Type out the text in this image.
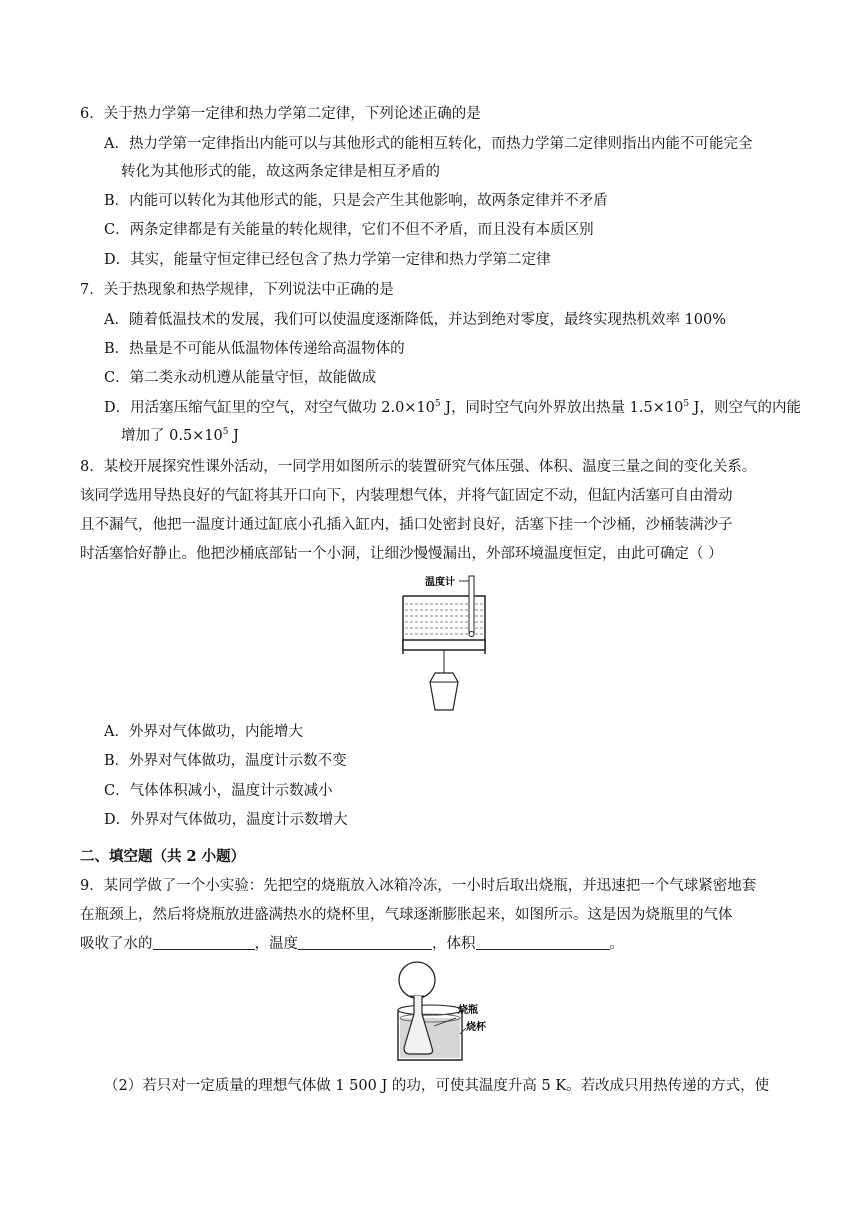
6．关于热力学第一定律和热力学第二定律，下列论述正确的是
A．热力学第一定律指出内能可以与其他形式的能相互转化，而热力学第二定律则指出内能不可能完全
转化为其他形式的能，故这两条定律是相互矛盾的
B．内能可以转化为其他形式的能，只是会产生其他影响，故两条定律并不矛盾
C．两条定律都是有关能量的转化规律，它们不但不矛盾，而且没有本质区别
D．其实，能量守恒定律已经包含了热力学第一定律和热力学第二定律
7．关于热现象和热学规律，下列说法中正确的是
A．随着低温技术的发展，我们可以使温度逐渐降低，并达到绝对零度，最终实现热机效率 100%
B．热量是不可能从低温物体传递给高温物体的
C．第二类永动机遵从能量守恒，故能做成
D．用活塞压缩气缸里的空气，对空气做功 $2.0\times 10^5$ J，同时空气向外界放出热量 $1.5\times 10^5$ J，则空气的内能
增加了 $0.5\times 10^5$ J
8．某校开展探究性课外活动，一同学用如图所示的装置研究气体压强、体积、温度三量之间的变化关系。
该同学选用导热良好的气缸将其开口向下，内装理想气体，并将气缸固定不动，但缸内活塞可自由滑动
且不漏气，他把一温度计通过缸底小孔插入缸内，插口处密封良好，活塞下挂一个沙桶，沙桶装满沙子
时活塞恰好静止。他把沙桶底部钻一个小洞，让细沙慢慢漏出，外部环境温度恒定，由此可确定（ ）
温度计
A．外界对气体做功，内能增大
B．外界对气体做功，温度计示数不变
C．气体体积减小，温度计示数减小
D．外界对气体做功，温度计示数增大
二、填空题（共 2 小题）
9．某同学做了一个小实验：先把空的烧瓶放入冰箱冷冻，一小时后取出烧瓶，并迅速把一个气球紧密地套
在瓶颈上，然后将烧瓶放进盛满热水的烧杯里，气球逐渐膨胀起来，如图所示。这是因为烧瓶里的气体
吸收了水的	，温度	，体积	。
烧瓶
烧杯
（2）若只对一定质量的理想气体做 1 500 J 的功，可使其温度升高 5 K。若改成只用热传递的方式，使
